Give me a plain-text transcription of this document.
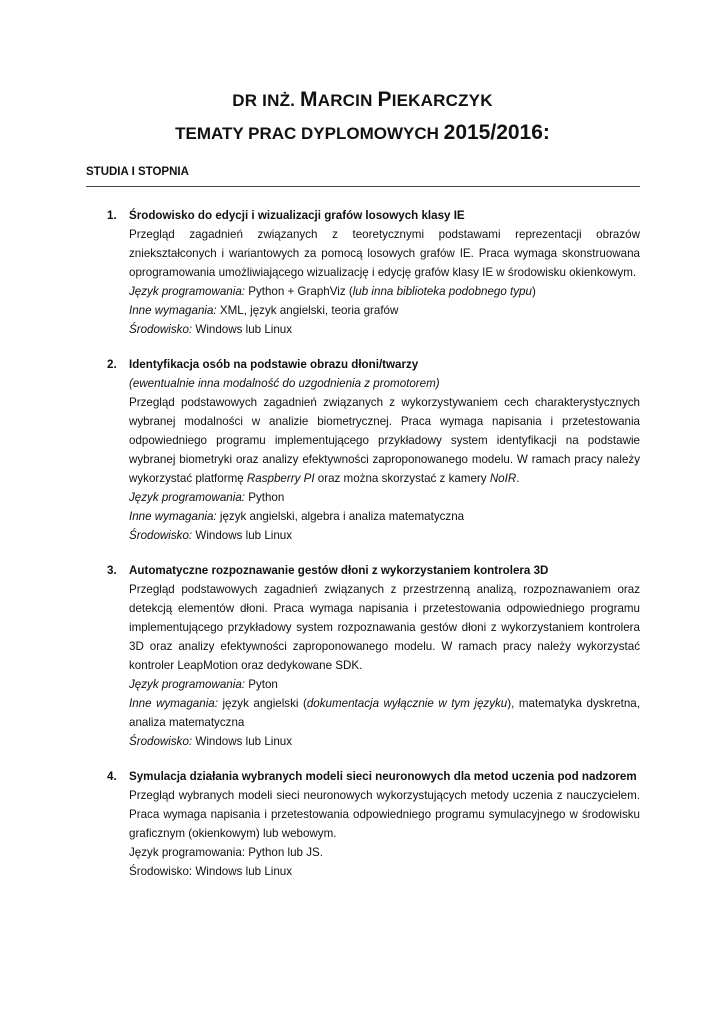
DR INŻ. MARCIN PIEKARCZYK
TEMATY PRAC DYPLOMOWYCH 2015/2016:
STUDIA I STOPNIA
1. Środowisko do edycji i wizualizacji grafów losowych klasy IE
Przegląd zagadnień związanych z teoretycznymi podstawami reprezentacji obrazów zniekształconych i wariantowych za pomocą losowych grafów IE. Praca wymaga skonstruowana oprogramowania umożliwiającego wizualizację i edycję grafów klasy IE w środowisku okienkowym.
Język programowania: Python + GraphViz (lub inna biblioteka podobnego typu)
Inne wymagania: XML, język angielski, teoria grafów
Środowisko: Windows lub Linux
2. Identyfikacja osób na podstawie obrazu dłoni/twarzy
(ewentualnie inna modalność do uzgodnienia z promotorem)
Przegląd podstawowych zagadnień związanych z wykorzystywaniem cech charakterystycznych wybranej modalności w analizie biometrycznej. Praca wymaga napisania i przetestowania odpowiedniego programu implementującego przykładowy system identyfikacji na podstawie wybranej biometryki oraz analizy efektywności zaproponowanego modelu. W ramach pracy należy wykorzystać platformę Raspberry PI oraz można skorzystać z kamery NoIR.
Język programowania: Python
Inne wymagania: język angielski, algebra i analiza matematyczna
Środowisko: Windows lub Linux
3. Automatyczne rozpoznawanie gestów dłoni z wykorzystaniem kontrolera 3D
Przegląd podstawowych zagadnień związanych z przestrzenną analizą, rozpoznawaniem oraz detekcją elementów dłoni. Praca wymaga napisania i przetestowania odpowiedniego programu implementującego przykładowy system rozpoznawania gestów dłoni z wykorzystaniem kontrolera 3D oraz analizy efektywności zaproponowanego modelu. W ramach pracy należy wykorzystać kontroler LeapMotion oraz dedykowane SDK.
Język programowania: Pyton
Inne wymagania: język angielski (dokumentacja wyłącznie w tym języku), matematyka dyskretna, analiza matematyczna
Środowisko: Windows lub Linux
4. Symulacja działania wybranych modeli sieci neuronowych dla metod uczenia pod nadzorem
Przegląd wybranych modeli sieci neuronowych wykorzystujących metody uczenia z nauczycielem. Praca wymaga napisania i przetestowania odpowiedniego programu symulacyjnego w środowisku graficznym (okienkowym) lub webowym.
Język programowania: Python lub JS.
Środowisko: Windows lub Linux
